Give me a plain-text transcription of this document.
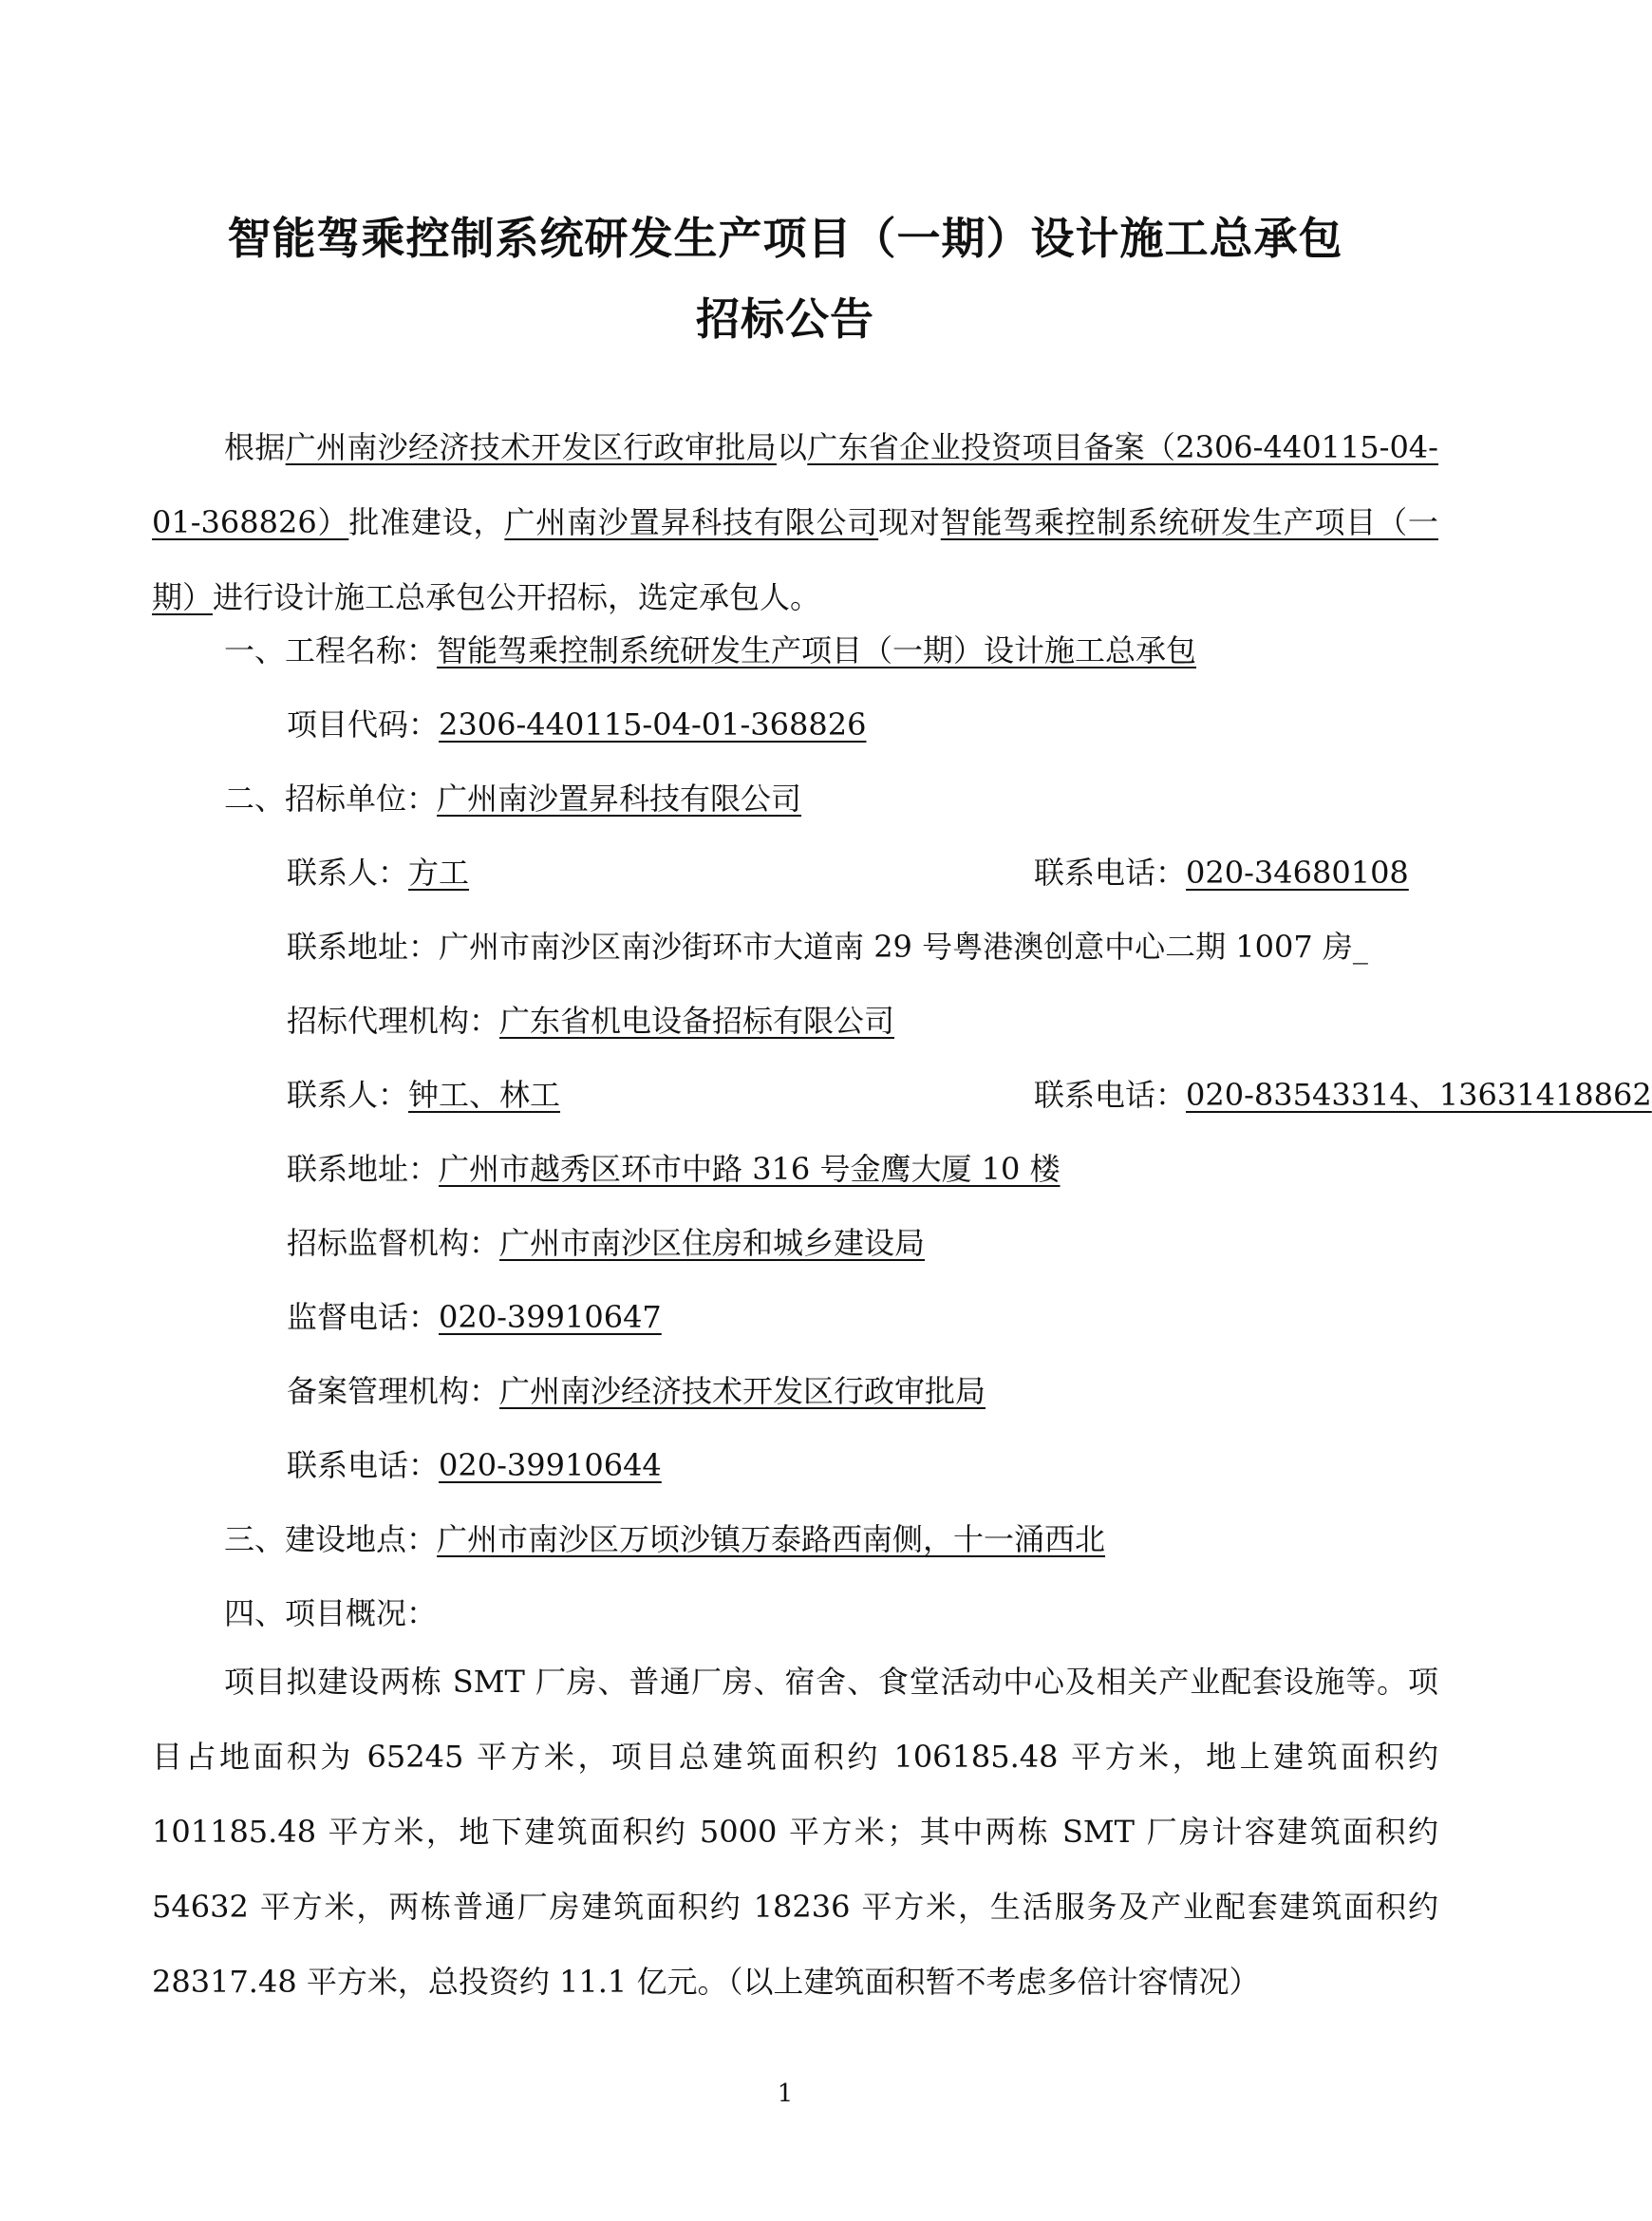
智能驾乘控制系统研发生产项目（一期）设计施工总承包
招标公告

根据广州南沙经济技术开发区行政审批局以广东省企业投资项目备案（2306-440115-04-01-368826）批准建设，广州南沙置昇科技有限公司现对智能驾乘控制系统研发生产项目（一期）进行设计施工总承包公开招标，选定承包人。

一、工程名称：智能驾乘控制系统研发生产项目（一期）设计施工总承包
项目代码：2306-440115-04-01-368826
二、招标单位：广州南沙置昇科技有限公司
联系人：方工	联系电话：020-34680108
联系地址：广州市南沙区南沙街环市大道南 29 号粤港澳创意中心二期 1007 房_
招标代理机构：广东省机电设备招标有限公司
联系人：钟工、林工	联系电话：020-83543314、13631418862
联系地址：广州市越秀区环市中路 316 号金鹰大厦 10 楼
招标监督机构：广州市南沙区住房和城乡建设局
监督电话：020-39910647
备案管理机构：广州南沙经济技术开发区行政审批局
联系电话：020-39910644
三、建设地点：广州市南沙区万顷沙镇万泰路西南侧，十一涌西北
四、项目概况：

项目拟建设两栋 SMT 厂房、普通厂房、宿舍、食堂活动中心及相关产业配套设施等。项目占地面积为 65245 平方米，项目总建筑面积约 106185.48 平方米，地上建筑面积约 101185.48 平方米，地下建筑面积约 5000 平方米；其中两栋 SMT 厂房计容建筑面积约 54632 平方米，两栋普通厂房建筑面积约 18236 平方米，生活服务及产业配套建筑面积约 28317.48 平方米，总投资约 11.1 亿元。（以上建筑面积暂不考虑多倍计容情况）

1
